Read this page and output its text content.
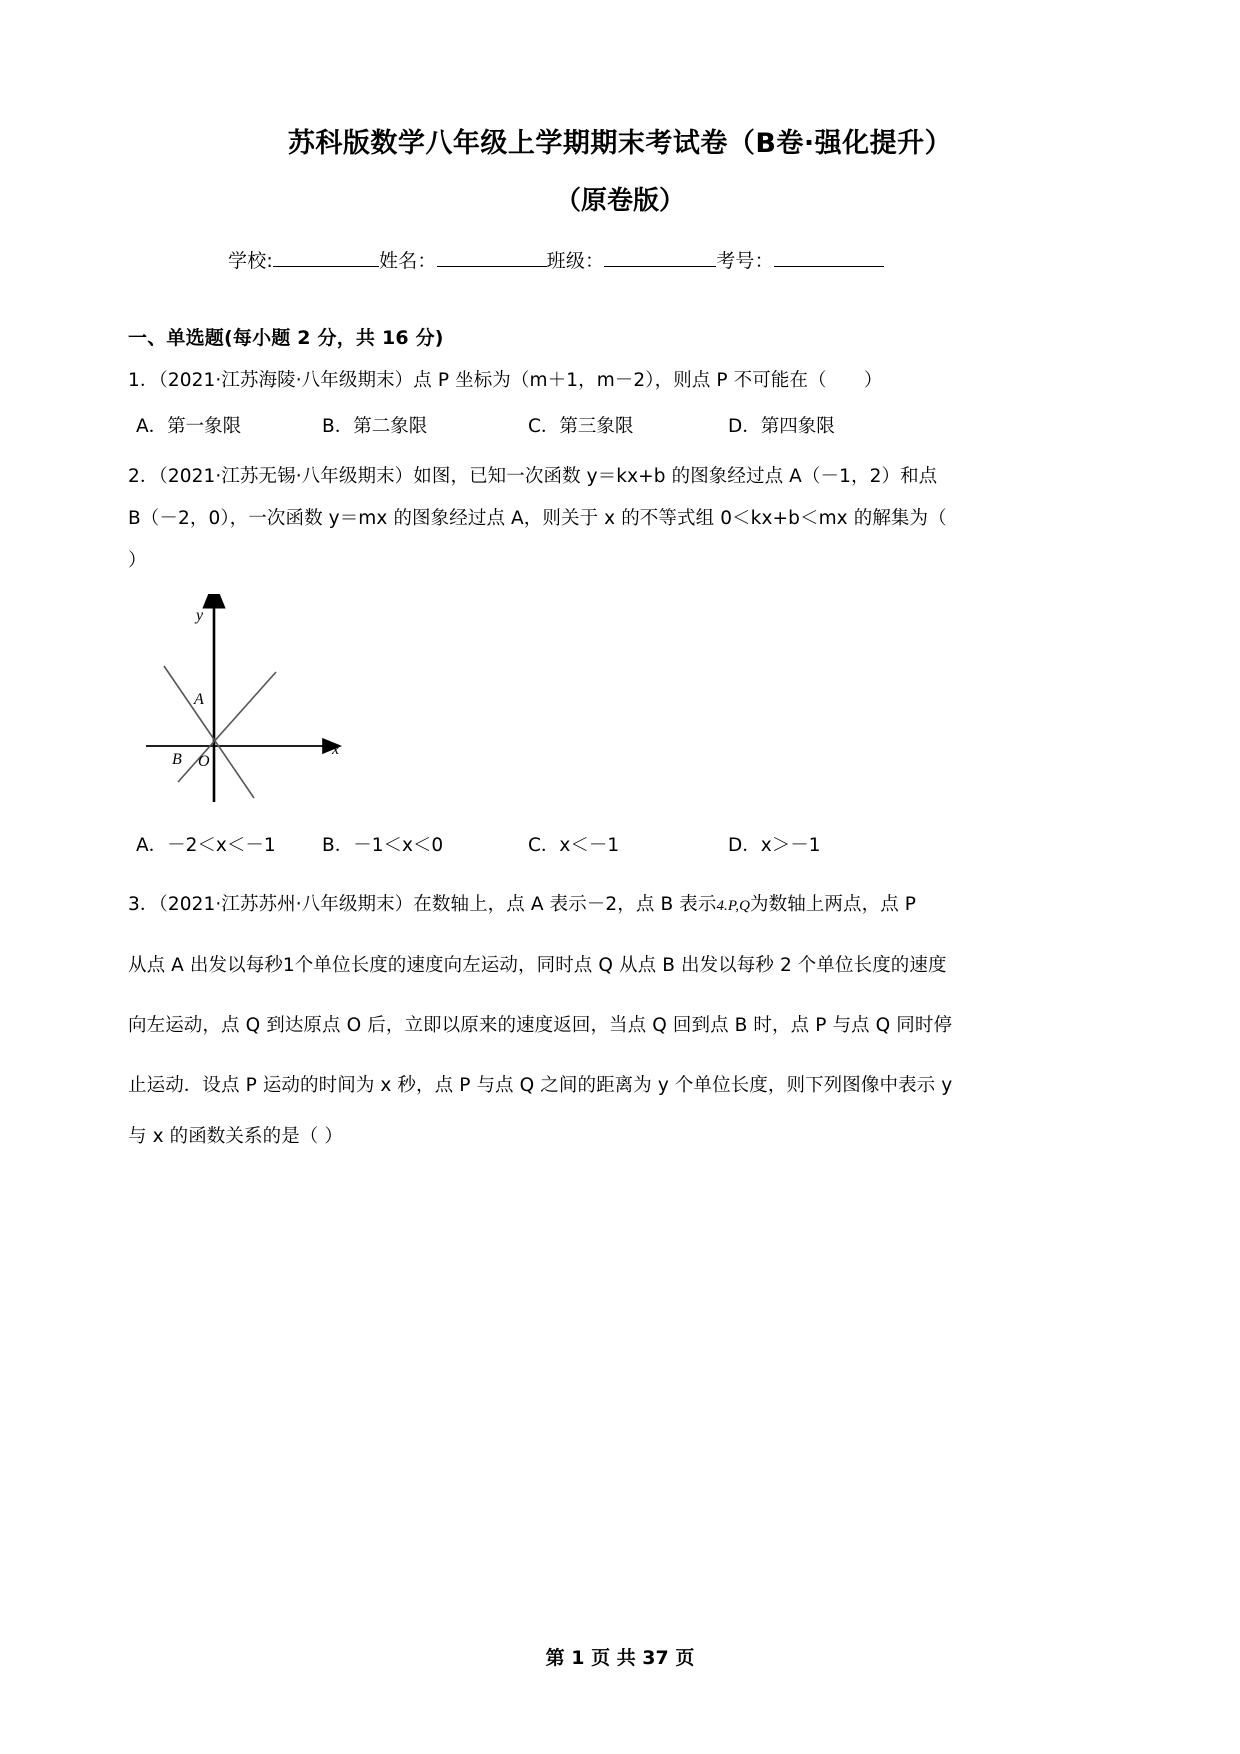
苏科版数学八年级上学期期末考试卷（B卷·强化提升）
（原卷版）
学校:	姓名：	班级：	考号：
一、单选题(每小题 2 分，共 16 分)

1．（2021·江苏海陵·八年级期末）点 P 坐标为（m＋1，m－2），则点 P 不可能在（　　）

A．第一象限	B．第二象限	C．第三象限	D．第四象限

2．（2021·江苏无锡·八年级期末）如图，已知一次函数 y＝kx+b 的图象经过点 A（－1，2）和点

B（－2，0），一次函数 y＝mx 的图象经过点 A，则关于 x 的不等式组 0＜kx+b＜mx 的解集为（

）

A
B O
x
y
A．－2＜x＜－1	B．－1＜x＜0	C．x＜－1	D．x＞－1

3．（2021·江苏苏州·八年级期末）在数轴上，点 A 表示－2，点 B 表示4.P,Q为数轴上两点，点 P

从点 A 出发以每秒1个单位长度的速度向左运动，同时点 Q 从点 B 出发以每秒 2 个单位长度的速度

向左运动，点 Q 到达原点 O 后，立即以原来的速度返回，当点 Q 回到点 B 时，点 P 与点 Q 同时停

止运动．设点 P 运动的时间为 x 秒，点 P 与点 Q 之间的距离为 y 个单位长度，则下列图像中表示 y

与 x 的函数关系的是（ ）

第 1 页 共 37 页
